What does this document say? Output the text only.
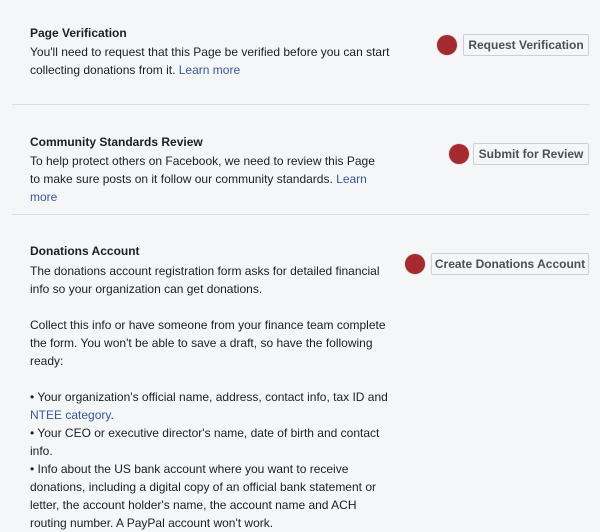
Page Verification
You'll need to request that this Page be verified before you can start collecting donations from it. Learn more
Request Verification
Community Standards Review
To help protect others on Facebook, we need to review this Page to make sure posts on it follow our community standards. Learn more
Submit for Review
Donations Account

The donations account registration form asks for detailed financial info so your organization can get donations.

Collect this info or have someone from your finance team complete the form. You won't be able to save a draft, so have the following ready:

• Your organization's official name, address, contact info, tax ID and NTEE category.

• Your CEO or executive director's name, date of birth and contact info.

• Info about the US bank account where you want to receive donations, including a digital copy of an official bank statement or letter, the account holder's name, the account name and ACH routing number. A PayPal account won't work.

Create Donations Account
